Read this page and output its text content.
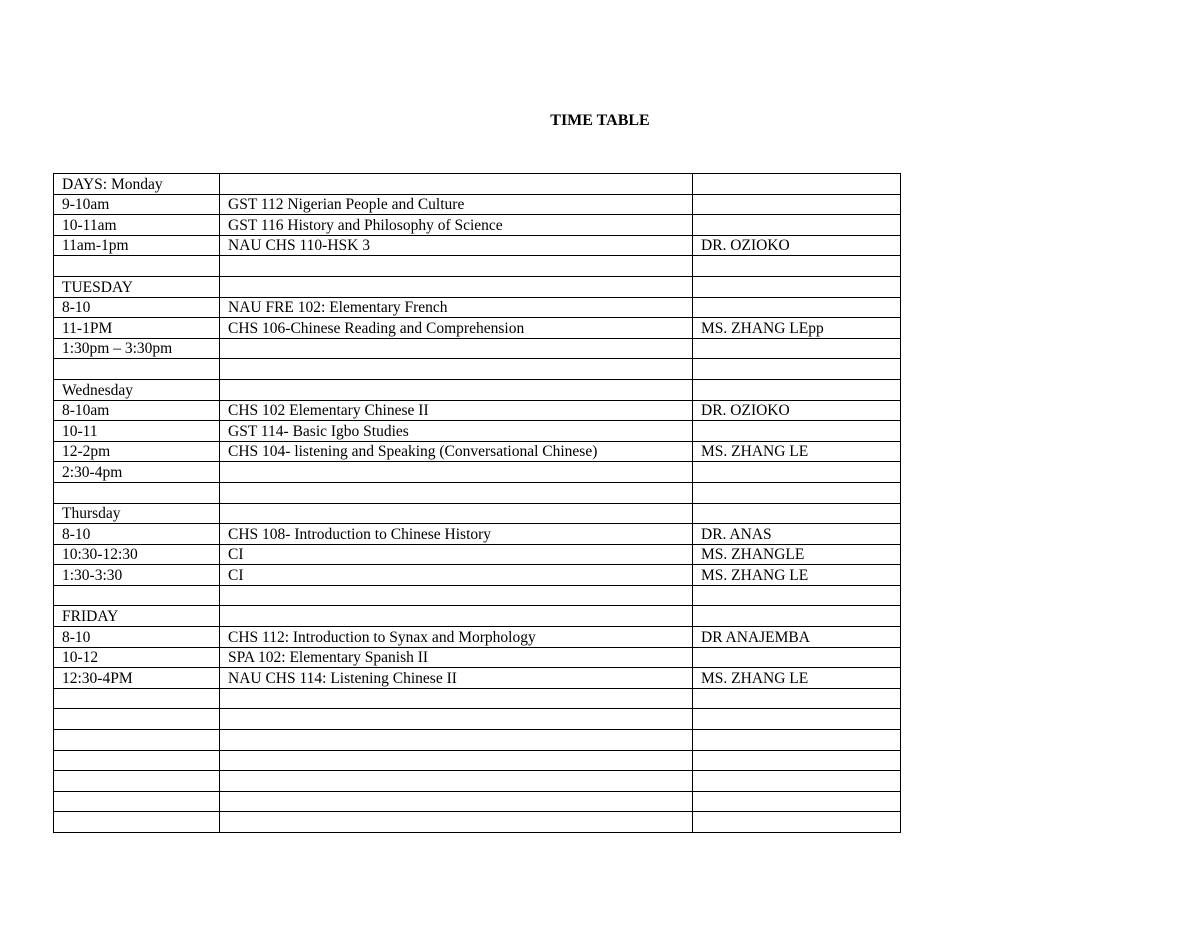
TIME TABLE
DAYS: Monday		
9-10am	GST 112 Nigerian People and Culture	
10-11am	GST 116 History and Philosophy of Science	
11am-1pm	NAU CHS 110-HSK 3	DR. OZIOKO

TUESDAY		
8-10	NAU FRE 102: Elementary French	
11-1PM	CHS 106-Chinese Reading and Comprehension	MS. ZHANG LEpp
1:30pm – 3:30pm		

Wednesday		
8-10am	CHS 102 Elementary Chinese II	DR. OZIOKO
10-11	GST 114- Basic Igbo Studies	
12-2pm	CHS 104- listening and Speaking (Conversational Chinese)	MS. ZHANG LE
2:30-4pm		

Thursday		
8-10	CHS 108- Introduction to Chinese History	DR. ANAS
10:30-12:30	CI	MS. ZHANGLE
1:30-3:30	CI	MS. ZHANG LE

FRIDAY		
8-10	CHS 112: Introduction to Synax and Morphology	DR ANAJEMBA
10-12	SPA 102: Elementary Spanish II	
12:30-4PM	NAU CHS 114: Listening Chinese II	MS. ZHANG LE
